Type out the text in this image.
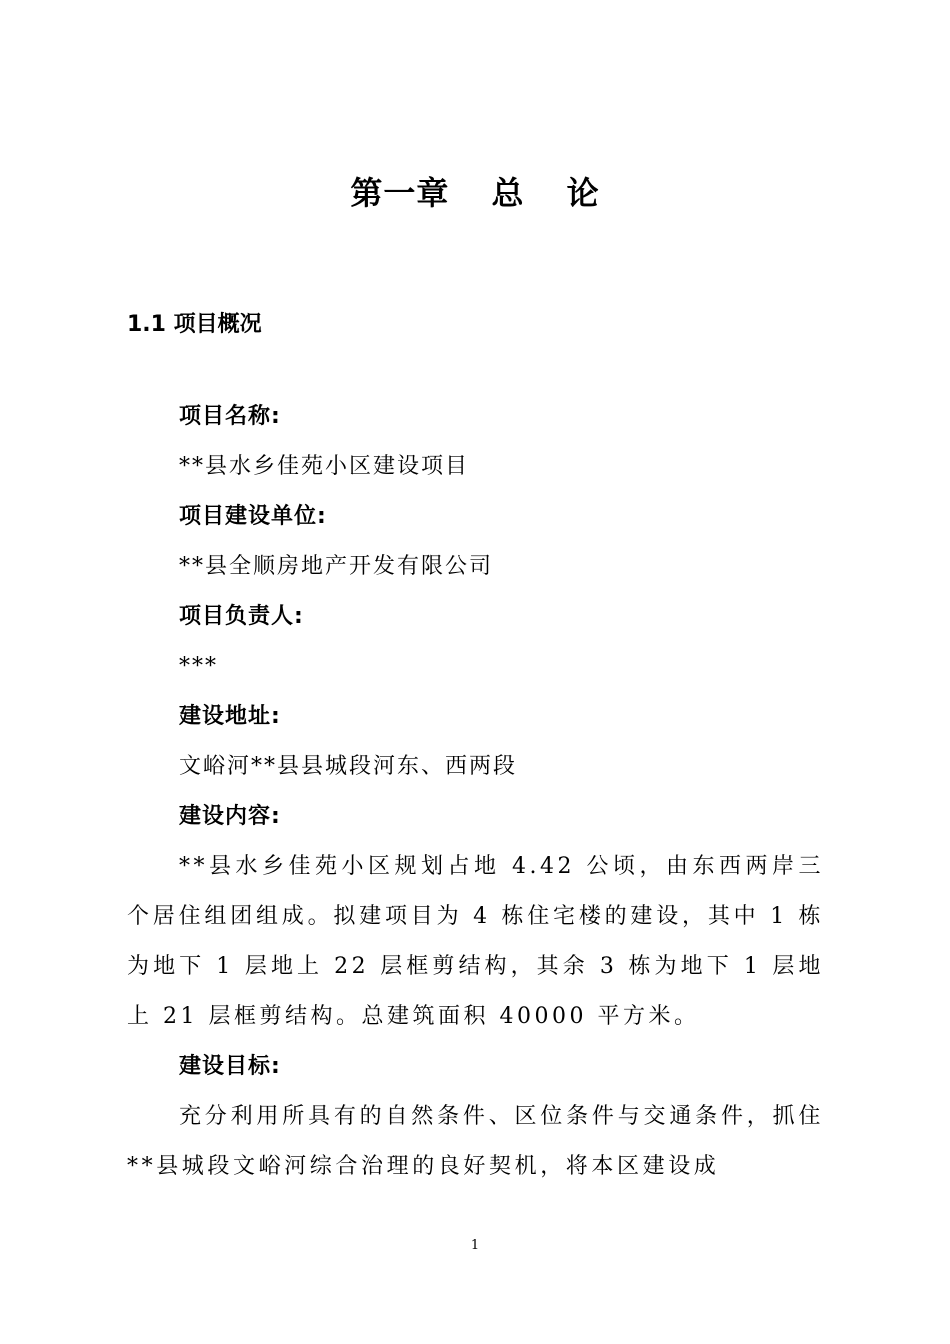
第一章 总 论
1.1 项目概况
项目名称:
**县水乡佳苑小区建设项目
项目建设单位:
**县全顺房地产开发有限公司
项目负责人:
***
建设地址:
文峪河**县县城段河东、西两段
建设内容:

**县水乡佳苑小区规划占地 4.42 公顷，由东西两岸三个居住组团组成。拟建项目为 4 栋住宅楼的建设，其中 1 栋为地下 1 层地上 22 层框剪结构，其余 3 栋为地下 1 层地上 21 层框剪结构。总建筑面积 40000 平方米。

建设目标:

充分利用所具有的自然条件、区位条件与交通条件，抓住**县城段文峪河综合治理的良好契机，将本区建设成

1
